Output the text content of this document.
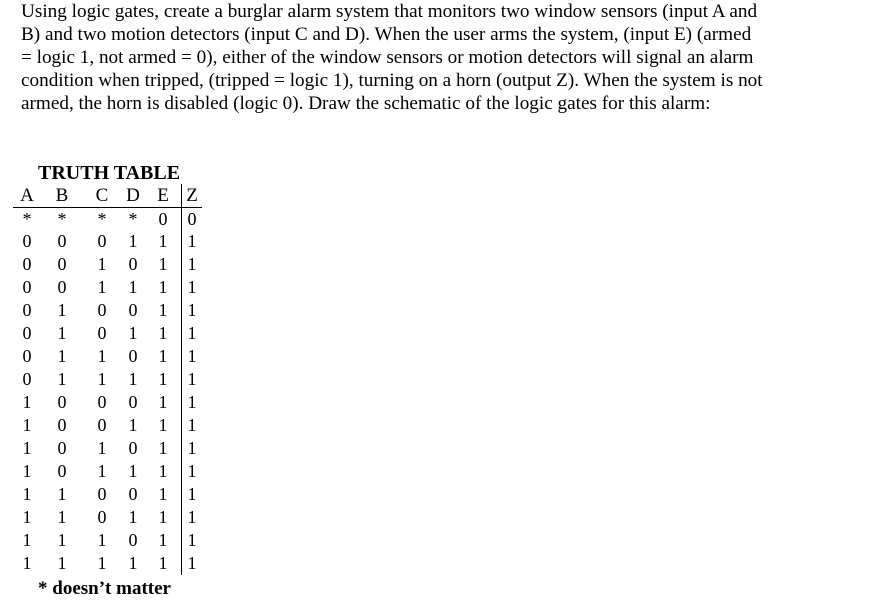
Using logic gates, create a burglar alarm system that monitors two window sensors (input A and
B) and two motion detectors (input C and D). When the user arms the system, (input E) (armed
= logic 1, not armed = 0), either of the window sensors or motion detectors will signal an alarm
condition when tripped, (tripped = logic 1), turning on a horn (output Z). When the system is not
armed, the horn is disabled (logic 0). Draw the schematic of the logic gates for this alarm:
TRUTH TABLE
A	B	C	D	E	Z
*	*	*	*	0	0
0	0	0	1	1	1
0	0	1	0	1	1
0	0	1	1	1	1
0	1	0	0	1	1
0	1	0	1	1	1
0	1	1	0	1	1
0	1	1	1	1	1
1	0	0	0	1	1
1	0	0	1	1	1
1	0	1	0	1	1
1	0	1	1	1	1
1	1	0	0	1	1
1	1	0	1	1	1
1	1	1	0	1	1
1	1	1	1	1	1
* doesn’t matter
